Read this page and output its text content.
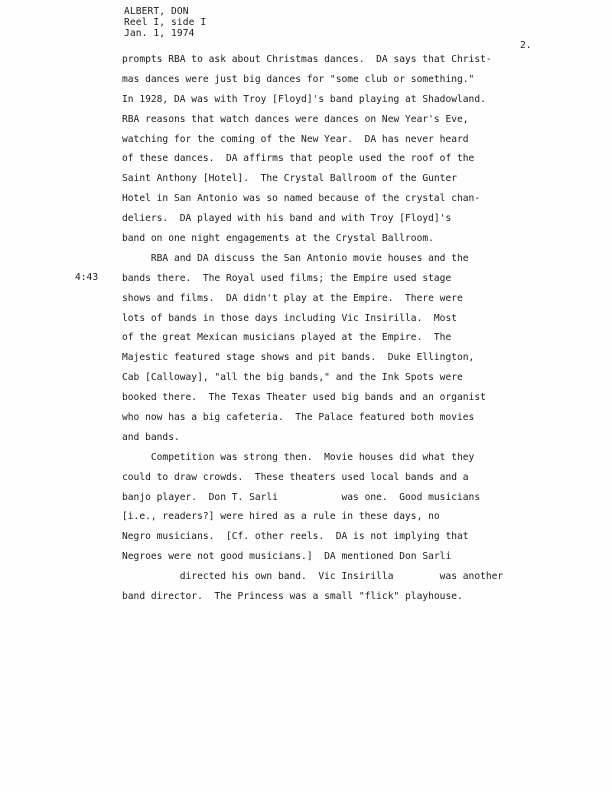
ALBERT, DON
Reel I, side I
Jan. 1, 1974
2.
4:43
prompts RBA to ask about Christmas dances.  DA says that Christ-
mas dances were just big dances for "some club or something."
In 1928, DA was with Troy [Floyd]'s band playing at Shadowland.
RBA reasons that watch dances were dances on New Year's Eve,
watching for the coming of the New Year.  DA has never heard
of these dances.  DA affirms that people used the roof of the
Saint Anthony [Hotel].  The Crystal Ballroom of the Gunter
Hotel in San Antonio was so named because of the crystal chan-
deliers.  DA played with his band and with Troy [Floyd]'s
band on one night engagements at the Crystal Ballroom.
RBA and DA discuss the San Antonio movie houses and the
bands there.  The Royal used films; the Empire used stage
shows and films.  DA didn't play at the Empire.  There were
lots of bands in those days including Vic Insirilla.  Most
of the great Mexican musicians played at the Empire.  The
Majestic featured stage shows and pit bands.  Duke Ellington,
Cab [Calloway], "all the big bands," and the Ink Spots were
booked there.  The Texas Theater used big bands and an organist
who now has a big cafeteria.  The Palace featured both movies
and bands.
Competition was strong then.  Movie houses did what they
could to draw crowds.  These theaters used local bands and a
banjo player.  Don T. Sarli           was one.  Good musicians
[i.e., readers?] were hired as a rule in these days, no
Negro musicians.  [Cf. other reels.  DA is not implying that
Negroes were not good musicians.]  DA mentioned Don Sarli
directed his own band.  Vic Insirilla        was another
band director.  The Princess was a small "flick" playhouse.
